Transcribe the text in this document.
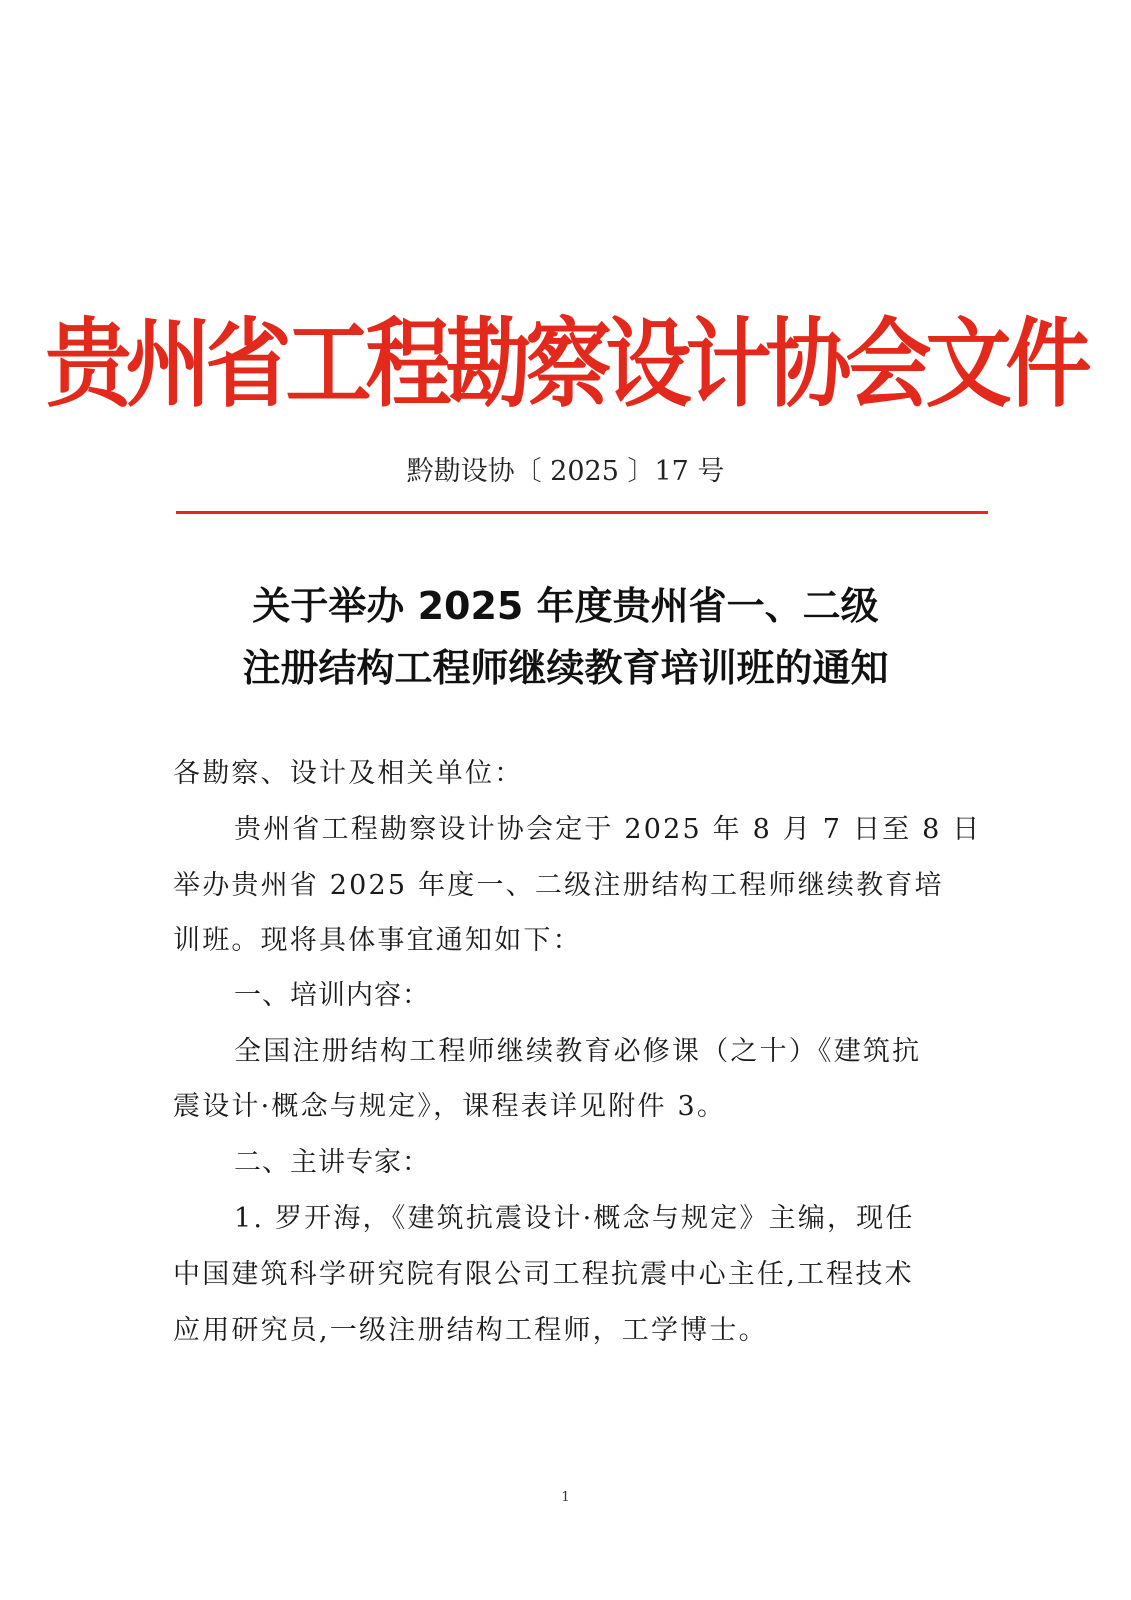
贵州省工程勘察设计协会文件
黔勘设协〔 2025 〕17 号
关于举办 2025 年度贵州省一、二级
注册结构工程师继续教育培训班的通知
各勘察、设计及相关单位：
贵州省工程勘察设计协会定于 2025 年 8 月 7 日至 8 日
举办贵州省 2025 年度一、二级注册结构工程师继续教育培
训班。现将具体事宜通知如下：
一、培训内容：
全国注册结构工程师继续教育必修课（之十）《建筑抗
震设计·概念与规定》，课程表详见附件 3。
二、主讲专家：
1. 罗开海，《建筑抗震设计·概念与规定》主编，现任
中国建筑科学研究院有限公司工程抗震中心主任,工程技术
应用研究员,一级注册结构工程师，工学博士。
1
